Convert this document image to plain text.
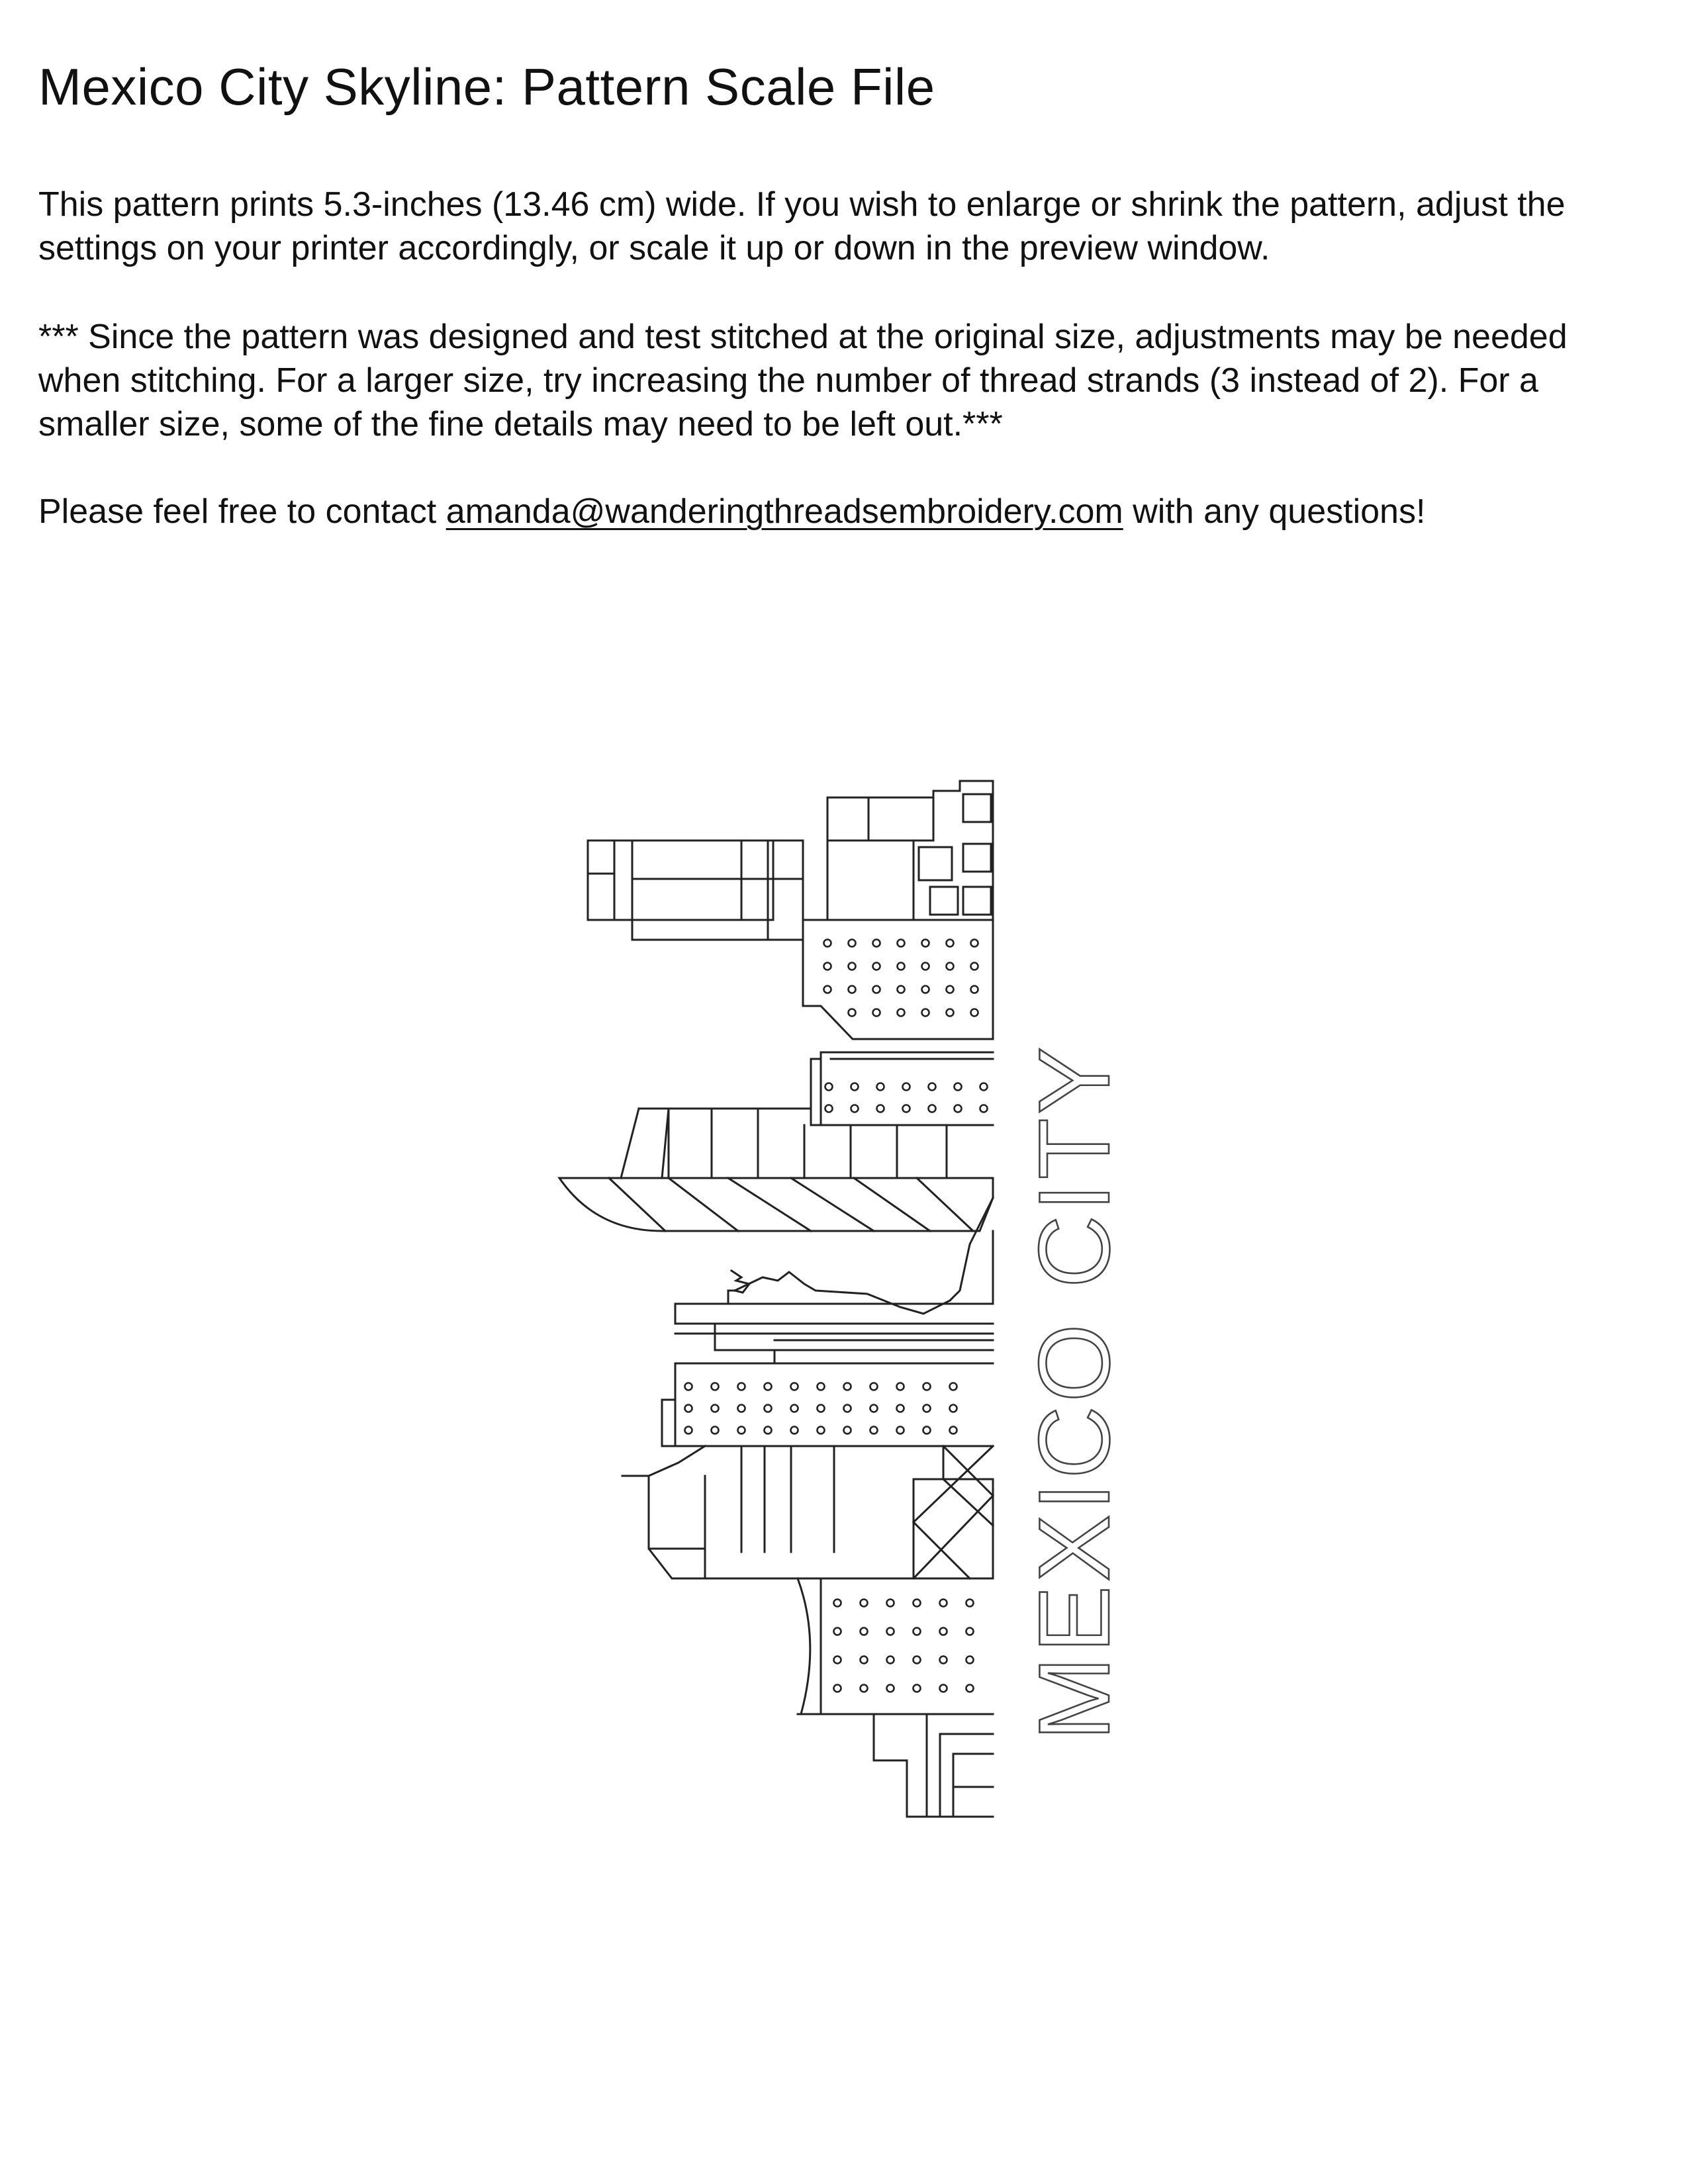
Mexico City Skyline: Pattern Scale File

This pattern prints 5.3-inches (13.46 cm) wide. If you wish to enlarge or shrink the pattern, adjust the settings on your printer accordingly, or scale it up or down in the preview window.

*** Since the pattern was designed and test stitched at the original size, adjustments may be needed when stitching. For a larger size, try increasing the number of thread strands (3 instead of 2). For a smaller size, some of the fine details may need to be left out.***

Please feel free to contact amanda@wanderingthreadsembroidery.com with any questions!

MEXICO CITY
